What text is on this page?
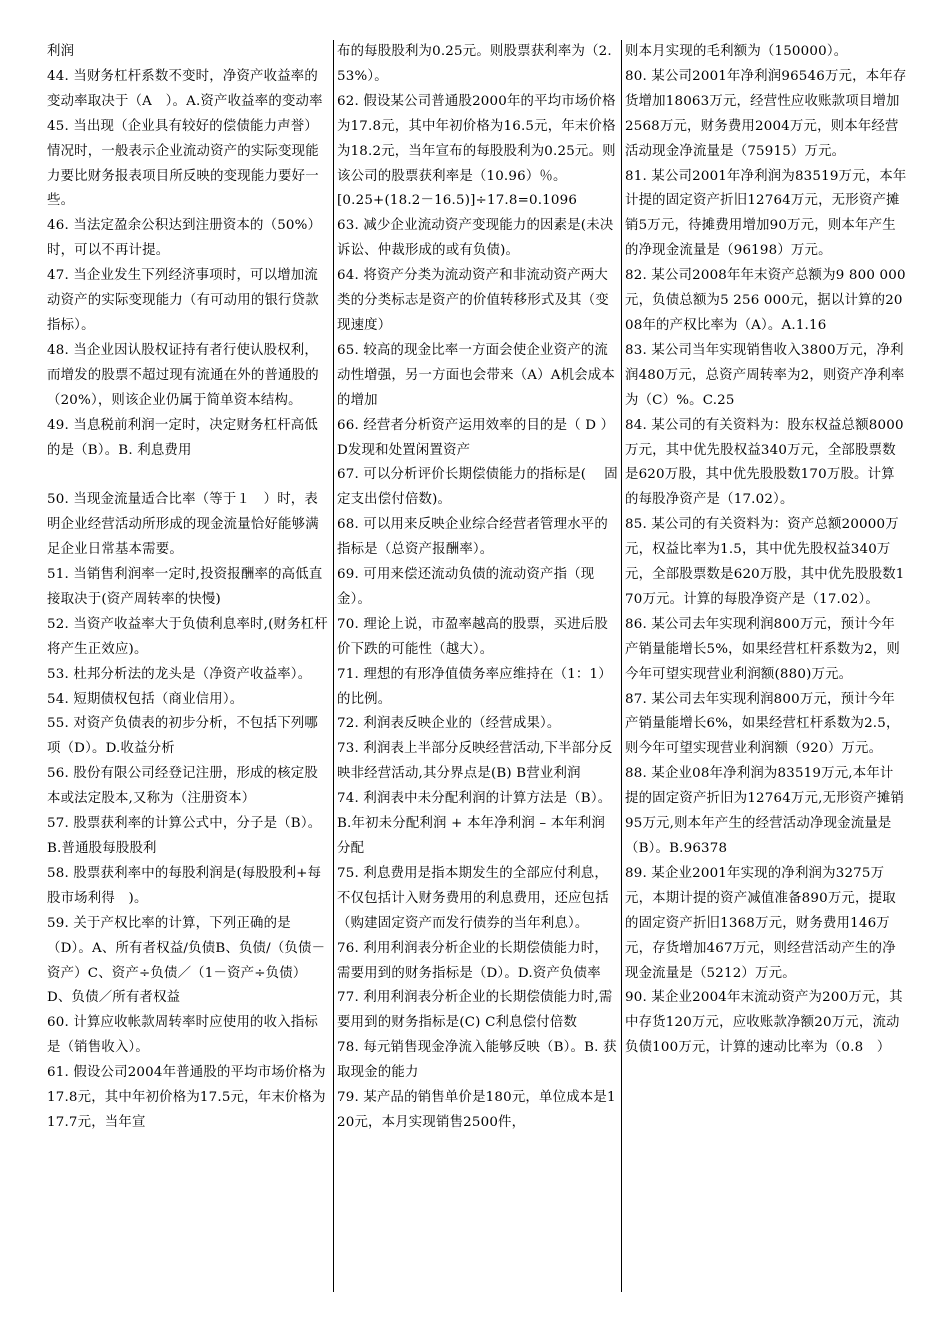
利润

44. 当财务杠杆系数不变时，净资产收益率的变动率取决于（A　）。A.资产收益率的变动率

45. 当出现（企业具有较好的偿债能力声誉）情况时，一般表示企业流动资产的实际变现能力要比财务报表项目所反映的变现能力要好一些。

46. 当法定盈余公积达到注册资本的（50%）时，可以不再计提。

47. 当企业发生下列经济事项时，可以增加流动资产的实际变现能力（有可动用的银行贷款指标）。

48. 当企业因认股权证持有者行使认股权利，而增发的股票不超过现有流通在外的普通股的（20%），则该企业仍属于简单资本结构。

49. 当息税前利润一定时，决定财务杠杆高低的是（B）。B. 利息费用

50. 当现金流量适合比率（等于１　）时，表明企业经营活动所形成的现金流量恰好能够满足企业日常基本需要。

51. 当销售利润率一定时,投资报酬率的高低直接取决于(资产周转率的快慢)

52. 当资产收益率大于负债利息率时,(财务杠杆将产生正效应)。

53. 杜邦分析法的龙头是（净资产收益率）。

54. 短期债权包括（商业信用）。

55. 对资产负债表的初步分析，不包括下列哪项（D）。D.收益分析

56. 股份有限公司经登记注册，形成的核定股本或法定股本,又称为（注册资本）

57. 股票获利率的计算公式中，分子是（B）。B.普通股每股股利

58. 股票获利率中的每股利润是(每股股利+每股市场利得　)。

59. 关于产权比率的计算，下列正确的是（D）。A、所有者权益/负债B、负债/（负债－资产）C、资产÷负债／（1－资产÷负债）D、负债／所有者权益

60. 计算应收帐款周转率时应使用的收入指标是（销售收入）。

61. 假设公司2004年普通股的平均市场价格为17.8元，其中年初价格为17.5元，年末价格为17.7元，当年宣

布的每股股利为0.25元。则股票获利率为（2.53%）。

62. 假设某公司普通股2000年的平均市场价格为17.8元，其中年初价格为16.5元，年末价格为18.2元，当年宣布的每股股利为0.25元。则该公司的股票获利率是（10.96）％。

[0.25+(18.2－16.5)]÷17.8=0.1096

63. 减少企业流动资产变现能力的因素是(未决诉讼、仲裁形成的或有负债)。

64. 将资产分类为流动资产和非流动资产两大类的分类标志是资产的价值转移形式及其（变现速度）

65. 较高的现金比率一方面会使企业资产的流动性增强，另一方面也会带来（A）A机会成本的增加

66. 经营者分析资产运用效率的目的是（ D ）D发现和处置闲置资产

67. 可以分析评价长期偿债能力的指标是(　 固定支出偿付倍数)。

68. 可以用来反映企业综合经营者管理水平的指标是（总资产报酬率）。

69. 可用来偿还流动负债的流动资产指（现金）。

70. 理论上说，市盈率越高的股票，买进后股价下跌的可能性（越大）。

71. 理想的有形净值债务率应维持在（1：1）的比例。

72. 利润表反映企业的（经营成果）。

73. 利润表上半部分反映经营活动,下半部分反映非经营活动,其分界点是(B) B营业利润

74. 利润表中未分配利润的计算方法是（B）。B.年初未分配利润 + 本年净利润 – 本年利润分配

75. 利息费用是指本期发生的全部应付利息，不仅包括计入财务费用的利息费用，还应包括（购建固定资产而发行债券的当年利息）。

76. 利用利润表分析企业的长期偿债能力时，需要用到的财务指标是（D）。D.资产负债率

77. 利用利润表分析企业的长期偿债能力时,需要用到的财务指标是(C) C利息偿付倍数

78. 每元销售现金净流入能够反映（B）。B. 获取现金的能力

79. 某产品的销售单价是180元，单位成本是120元，本月实现销售2500件，

则本月实现的毛利额为（150000）。

80. 某公司2001年净利润96546万元，本年存货增加18063万元，经营性应收账款项目增加2568万元，财务费用2004万元，则本年经营活动现金净流量是（75915）万元。

81. 某公司2001年净利润为83519万元，本年计提的固定资产折旧12764万元，无形资产摊销5万元，待摊费用增加90万元，则本年产生的净现金流量是（96198）万元。

82. 某公司2008年年末资产总额为9 800 000元，负债总额为5 256 000元，据以计算的2008年的产权比率为（A）。A.1.16

83. 某公司当年实现销售收入3800万元，净利润480万元，总资产周转率为2，则资产净利率为（C）%。C.25

84. 某公司的有关资料为：股东权益总额8000万元，其中优先股权益340万元，全部股票数是620万股，其中优先股股数170万股。计算的每股净资产是（17.02）。

85. 某公司的有关资料为：资产总额20000万元，权益比率为1.5，其中优先股权益340万元，全部股票数是620万股，其中优先股股数170万元。计算的每股净资产是（17.02）。

86. 某公司去年实现利润800万元，预计今年产销量能增长5%，如果经营杠杆系数为2，则今年可望实现营业利润额(880)万元。

87. 某公司去年实现利润800万元，预计今年产销量能增长6%，如果经营杠杆系数为2.5，则今年可望实现营业利润额（920）万元。

88. 某企业08年净利润为83519万元,本年计提的固定资产折旧为12764万元,无形资产摊销95万元,则本年产生的经营活动净现金流量是（B）。B.96378

89. 某企业2001年实现的净利润为3275万元，本期计提的资产减值准备890万元，提取的固定资产折旧1368万元，财务费用146万元，存货增加467万元，则经营活动产生的净现金流量是（5212）万元。

90. 某企业2004年末流动资产为200万元，其中存货120万元，应收账款净额20万元，流动负债100万元，计算的速动比率为（0.8　）
